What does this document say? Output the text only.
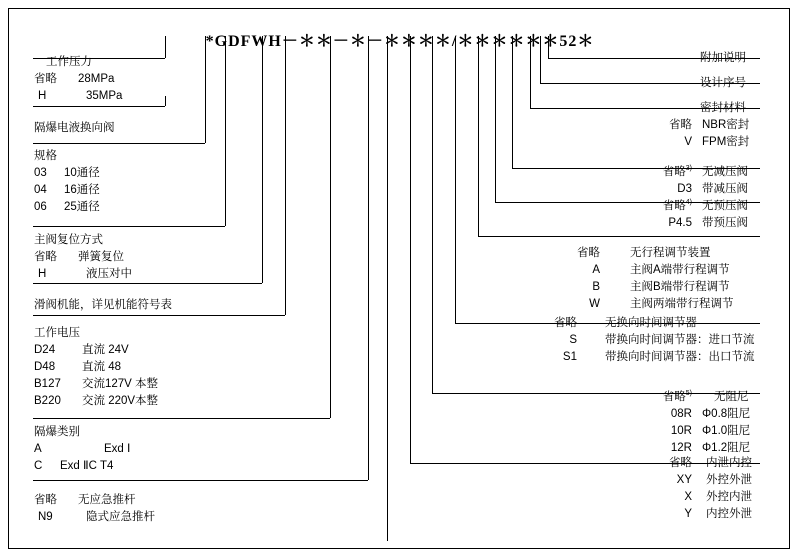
*GDFWH－＊＊－＊－＊＊＊＊/＊＊＊＊＊＊52＊
工作压力
省略 28MPa
H	35MPa
隔爆电液换向阀
规格
03 10通径
04 16通径
06 25通径
主阀复位方式
省略 弹簧复位
H	液压对中
滑阀机能，详见机能符号表
工作电压
D24 直流 24V
D48 直流 48
B127 交流127V 本整
B220 交流 220V本整
隔爆类别
A	Exd Ⅰ
C Exd ⅡC T4
省略 无应急推杆
N9	隐式应急推杆
附加说明
设计序号
密封材料
省略 NBR密封
V FPM密封
省略$^{3)}$ 无减压阀
D3 带减压阀
省略$^{4)}$ 无预压阀
P4.5 带预压阀
省略	无行程调节装置
A	主阀A端带行程调节
B	主阀B端带行程调节
W	主阀两端带行程调节
省略 无换向时间调节器
S 带换向时间调节器：进口节流
S1 带换向时间调节器：出口节流
省略$^{5)}$ 无阻尼
08R Φ0.8阻尼
10R Φ1.0阻尼
12R Φ1.2阻尼
省略 内泄内控
XY 外控外泄
X 外控内泄
Y 内控外泄
